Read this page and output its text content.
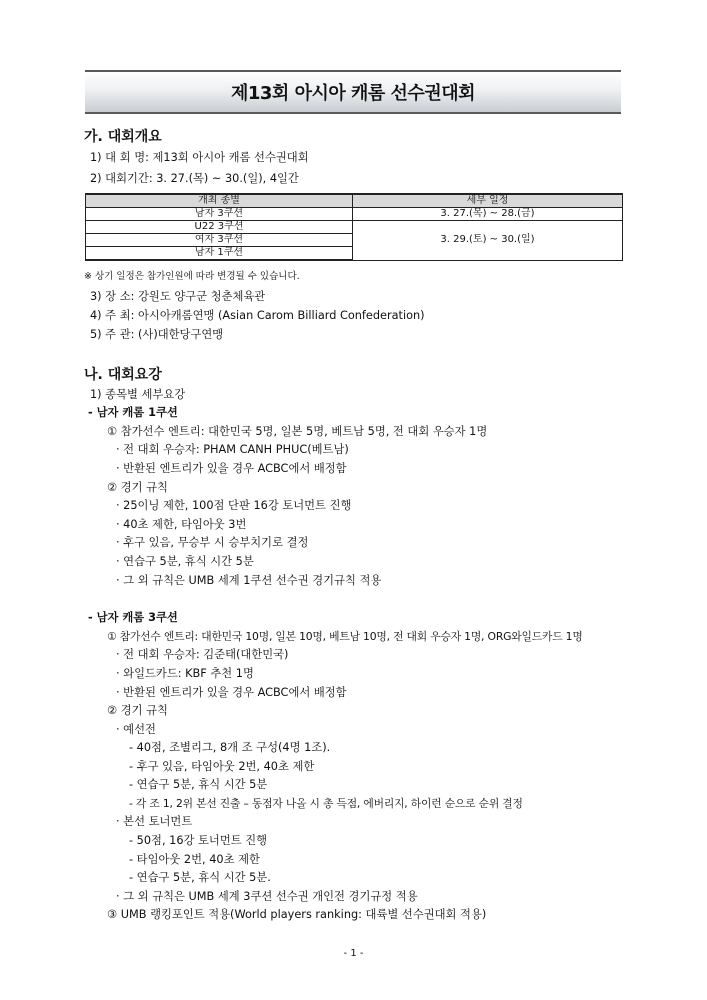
제13회 아시아 캐롬 선수권대회
가. 대회개요
1) 대 회 명: 제13회 아시아 캐롬 선수권대회
2) 대회기간: 3. 27.(목) ~ 30.(일), 4일간
개최 종별	세부 일정
남자 3쿠션	3. 27.(목) ~ 28.(금)
U22 3쿠션	3. 29.(토) ~ 30.(일)
여자 3쿠션	
남자 1쿠션	
※ 상기 일정은 참가인원에 따라 변경될 수 있습니다.
3) 장 소: 강원도 양구군 청춘체육관
4) 주 최: 아시아캐롬연맹 (Asian Carom Billiard Confederation)
5) 주 관: (사)대한당구연맹
나. 대회요강
1) 종목별 세부요강
- 남자 캐롬 1쿠션
① 참가선수 엔트리: 대한민국 5명, 일본 5명, 베트남 5명, 전 대회 우승자 1명
· 전 대회 우승자: PHAM CANH PHUC(베트남)
· 반환된 엔트리가 있을 경우 ACBC에서 배정함
② 경기 규칙
· 25이닝 제한, 100점 단판 16강 토너먼트 진행
· 40초 제한, 타임아웃 3번
· 후구 있음, 무승부 시 승부치기로 결정
· 연습구 5분, 휴식 시간 5분
· 그 외 규칙은 UMB 세계 1쿠션 선수권 경기규칙 적용
- 남자 캐롬 3쿠션
① 참가선수 엔트리: 대한민국 10명, 일본 10명, 베트남 10명, 전 대회 우승자 1명, ORG와일드카드 1명
· 전 대회 우승자: 김준태(대한민국)
· 와일드카드: KBF 추천 1명
· 반환된 엔트리가 있을 경우 ACBC에서 배정함
② 경기 규칙
· 예선전
- 40점, 조별리그, 8개 조 구성(4명 1조).
- 후구 있음, 타임아웃 2번, 40초 제한
- 연습구 5분, 휴식 시간 5분
- 각 조 1, 2위 본선 진출 – 동점자 나올 시 총 득점, 에버리지, 하이런 순으로 순위 결정
· 본선 토너먼트
- 50점, 16강 토너먼트 진행
- 타임아웃 2번, 40초 제한
- 연습구 5분, 휴식 시간 5분.
· 그 외 규칙은 UMB 세계 3쿠션 선수권 개인전 경기규정 적용
③ UMB 랭킹포인트 적용(World players ranking: 대륙별 선수권대회 적용)
- 1 -
